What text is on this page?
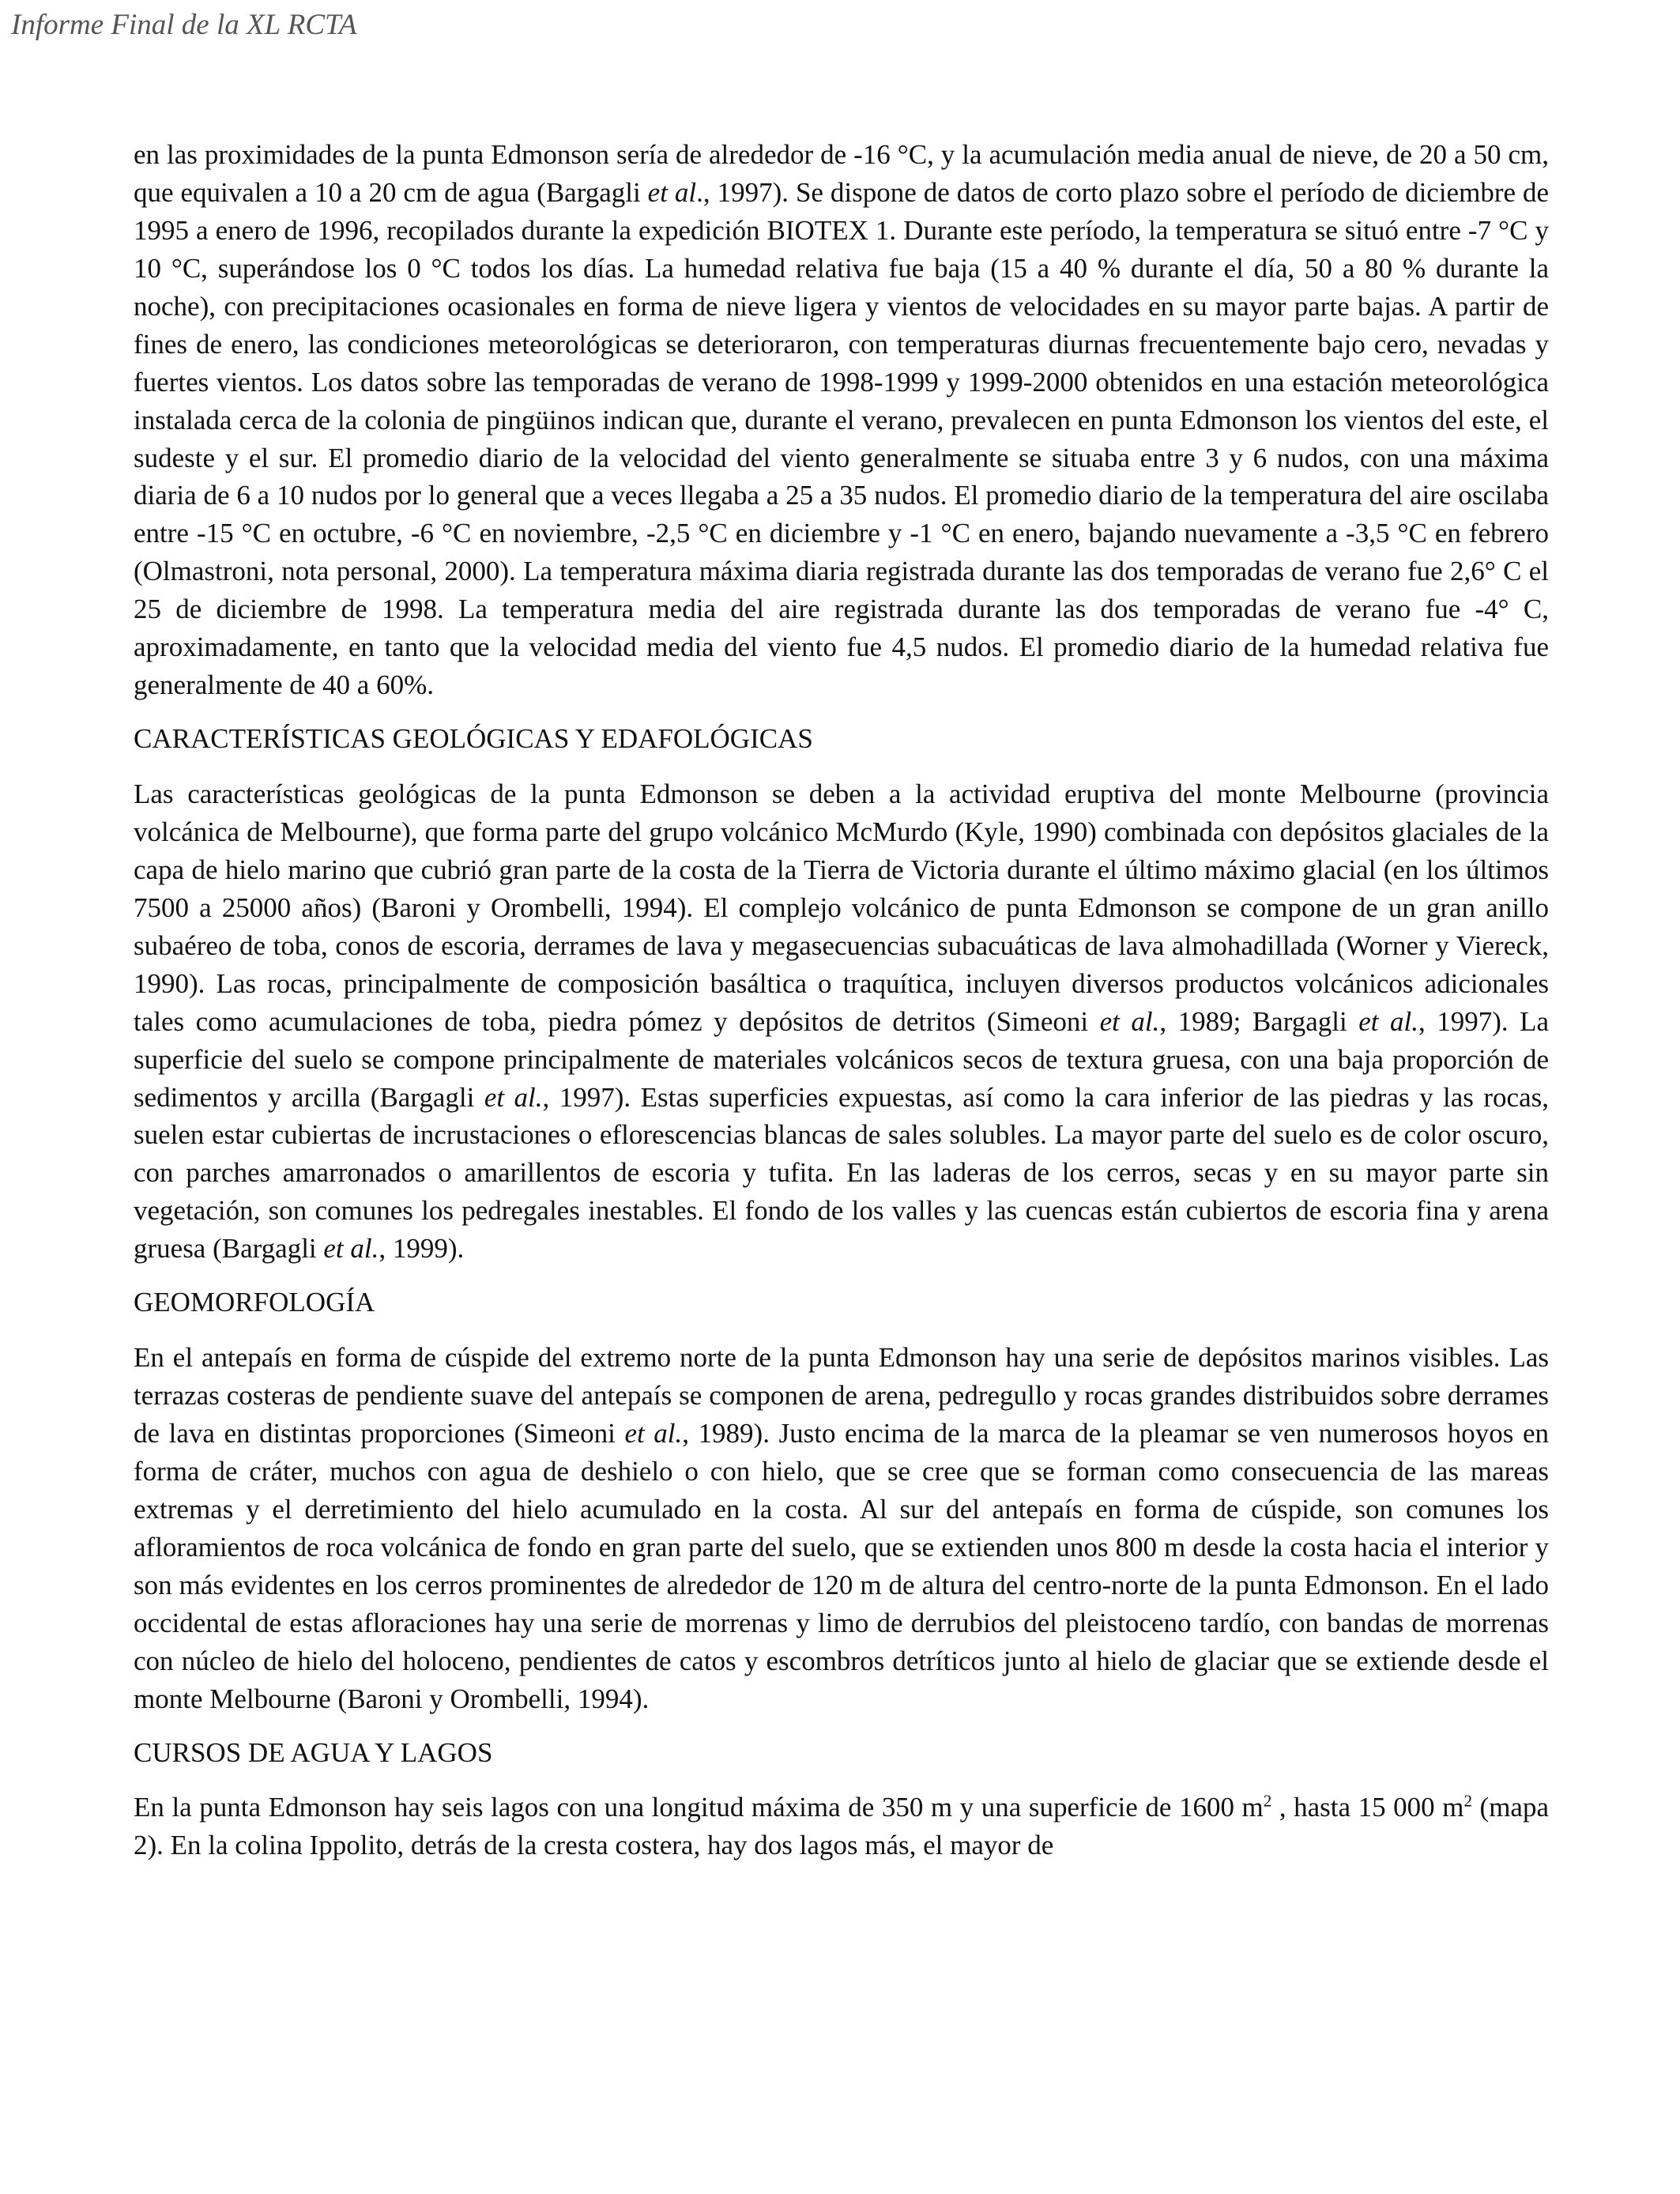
Informe Final de la XL RCTA

en las proximidades de la punta Edmonson sería de alrededor de -16 °C, y la acumulación media anual de nieve, de 20 a 50 cm, que equivalen a 10 a 20 cm de agua (Bargagli et al., 1997). Se dispone de datos de corto plazo sobre el período de diciembre de 1995 a enero de 1996, recopilados durante la expedición BIOTEX 1. Durante este período, la temperatura se situó entre -7 °C y 10 °C, superándose los 0 °C todos los días. La humedad relativa fue baja (15 a 40 % durante el día, 50 a 80 % durante la noche), con precipitaciones ocasionales en forma de nieve ligera y vientos de velocidades en su mayor parte bajas. A partir de fines de enero, las condiciones meteorológicas se deterioraron, con temperaturas diurnas frecuentemente bajo cero, nevadas y fuertes vientos. Los datos sobre las temporadas de verano de 1998-1999 y 1999-2000 obtenidos en una estación meteorológica instalada cerca de la colonia de pingüinos indican que, durante el verano, prevalecen en punta Edmonson los vientos del este, el sudeste y el sur. El promedio diario de la velocidad del viento generalmente se situaba entre 3 y 6 nudos, con una máxima diaria de 6 a 10 nudos por lo general que a veces llegaba a 25 a 35 nudos. El promedio diario de la temperatura del aire oscilaba entre -15 °C en octubre, -6 °C en noviembre, -2,5 °C en diciembre y -1 °C en enero, bajando nuevamente a -3,5 °C en febrero (Olmastroni, nota personal, 2000). La temperatura máxima diaria registrada durante las dos temporadas de verano fue 2,6° C el 25 de diciembre de 1998. La temperatura media del aire registrada durante las dos temporadas de verano fue -4° C, aproximadamente, en tanto que la velocidad media del viento fue 4,5 nudos. El promedio diario de la humedad relativa fue generalmente de 40 a 60%.

CARACTERÍSTICAS GEOLÓGICAS Y EDAFOLÓGICAS

Las características geológicas de la punta Edmonson se deben a la actividad eruptiva del monte Melbourne (provincia volcánica de Melbourne), que forma parte del grupo volcánico McMurdo (Kyle, 1990) combinada con depósitos glaciales de la capa de hielo marino que cubrió gran parte de la costa de la Tierra de Victoria durante el último máximo glacial (en los últimos 7500 a 25000 años) (Baroni y Orombelli, 1994). El complejo volcánico de punta Edmonson se compone de un gran anillo subaéreo de toba, conos de escoria, derrames de lava y megasecuencias subacuáticas de lava almohadillada (Worner y Viereck, 1990). Las rocas, principalmente de composición basáltica o traquítica, incluyen diversos productos volcánicos adicionales tales como acumulaciones de toba, piedra pómez y depósitos de detritos (Simeoni et al., 1989; Bargagli et al., 1997). La superficie del suelo se compone principalmente de materiales volcánicos secos de textura gruesa, con una baja proporción de sedimentos y arcilla (Bargagli et al., 1997). Estas superficies expuestas, así como la cara inferior de las piedras y las rocas, suelen estar cubiertas de incrustaciones o eflorescencias blancas de sales solubles. La mayor parte del suelo es de color oscuro, con parches amarronados o amarillentos de escoria y tufita. En las laderas de los cerros, secas y en su mayor parte sin vegetación, son comunes los pedregales inestables. El fondo de los valles y las cuencas están cubiertos de escoria fina y arena gruesa (Bargagli et al., 1999).

GEOMORFOLOGÍA

En el antepaís en forma de cúspide del extremo norte de la punta Edmonson hay una serie de depósitos marinos visibles. Las terrazas costeras de pendiente suave del antepaís se componen de arena, pedregullo y rocas grandes distribuidos sobre derrames de lava en distintas proporciones (Simeoni et al., 1989). Justo encima de la marca de la pleamar se ven numerosos hoyos en forma de cráter, muchos con agua de deshielo o con hielo, que se cree que se forman como consecuencia de las mareas extremas y el derretimiento del hielo acumulado en la costa. Al sur del antepaís en forma de cúspide, son comunes los afloramientos de roca volcánica de fondo en gran parte del suelo, que se extienden unos 800 m desde la costa hacia el interior y son más evidentes en los cerros prominentes de alrededor de 120 m de altura del centro-norte de la punta Edmonson. En el lado occidental de estas afloraciones hay una serie de morrenas y limo de derrubios del pleistoceno tardío, con bandas de morrenas con núcleo de hielo del holoceno, pendientes de catos y escombros detríticos junto al hielo de glaciar que se extiende desde el monte Melbourne (Baroni y Orombelli, 1994).

CURSOS DE AGUA Y LAGOS

En la punta Edmonson hay seis lagos con una longitud máxima de 350 m y una superficie de 1600 $m^2$ , hasta 15 000 $m^2$ (mapa 2). En la colina Ippolito, detrás de la cresta costera, hay dos lagos más, el mayor de
